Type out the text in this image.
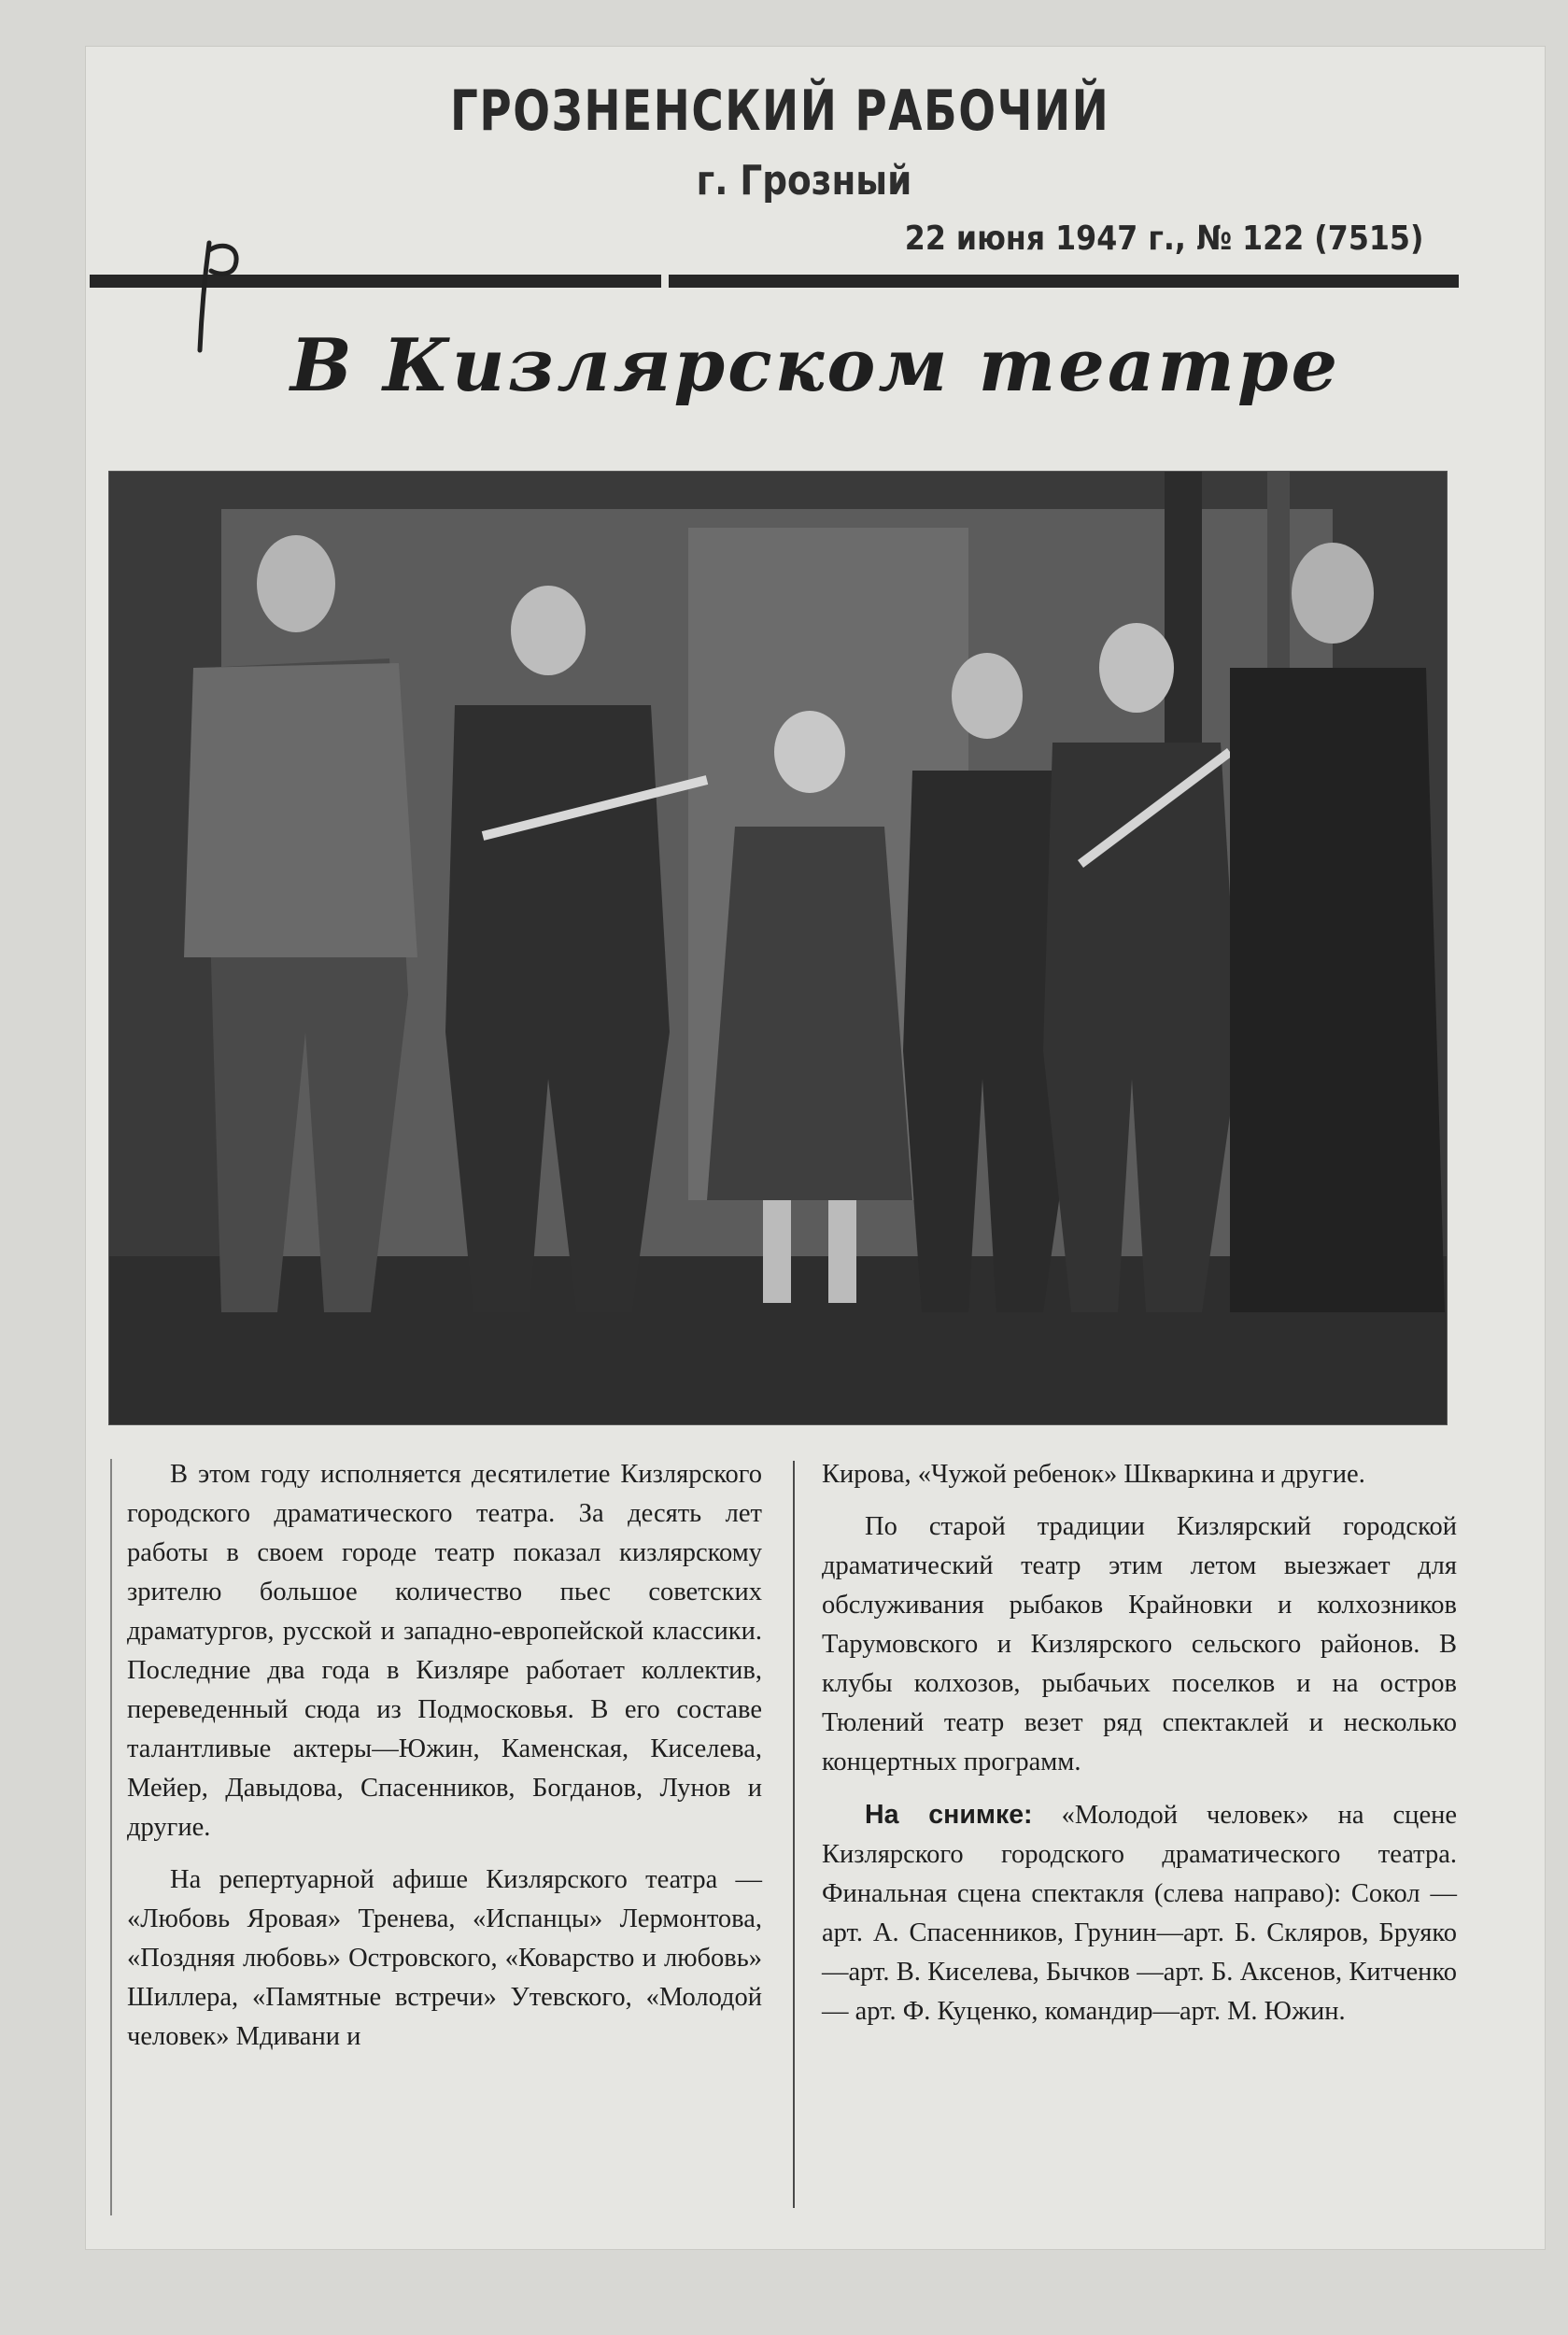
ГРОЗНЕНСКИЙ РАБОЧИЙ
г. Грозный
22 июня 1947 г., № 122 (7515)
В Кизлярском театре

В этом году исполняется десятилетие Кизлярского городского драматического театра. За десять лет работы в своем городе театр показал кизлярскому зрителю большое количество пьес советских драматургов, русской и западно-европейской классики. Последние два года в Кизляре работает коллектив, переведенный сюда из Подмосковья. В его составе талантливые актеры—Южин, Каменская, Киселева, Мейер, Давыдова, Спасенников, Богданов, Лунов и другие.

На репертуарной афише Кизлярского театра — «Любовь Яровая» Тренева, «Испанцы» Лермонтова, «Поздняя любовь» Островского, «Коварство и любовь» Шиллера, «Памятные встречи» Утевского, «Молодой человек» Мдивани и

Кирова, «Чужой ребенок» Шкваркина и другие.

По старой традиции Кизлярский городской драматический театр этим летом выезжает для обслуживания рыбаков Крайновки и колхозников Тарумовского и Кизлярского сельского районов. В клубы колхозов, рыбачьих поселков и на остров Тюлений театр везет ряд спектаклей и несколько концертных программ.

На снимке: «Молодой человек» на сцене Кизлярского городского драматического театра. Финальная сцена спектакля (слева направо): Сокол — арт. А. Спасенников, Грунин—арт. Б. Скляров, Бруяко—арт. В. Киселева, Бычков —арт. Б. Аксенов, Китченко — арт. Ф. Куценко, командир—арт. М. Южин.
